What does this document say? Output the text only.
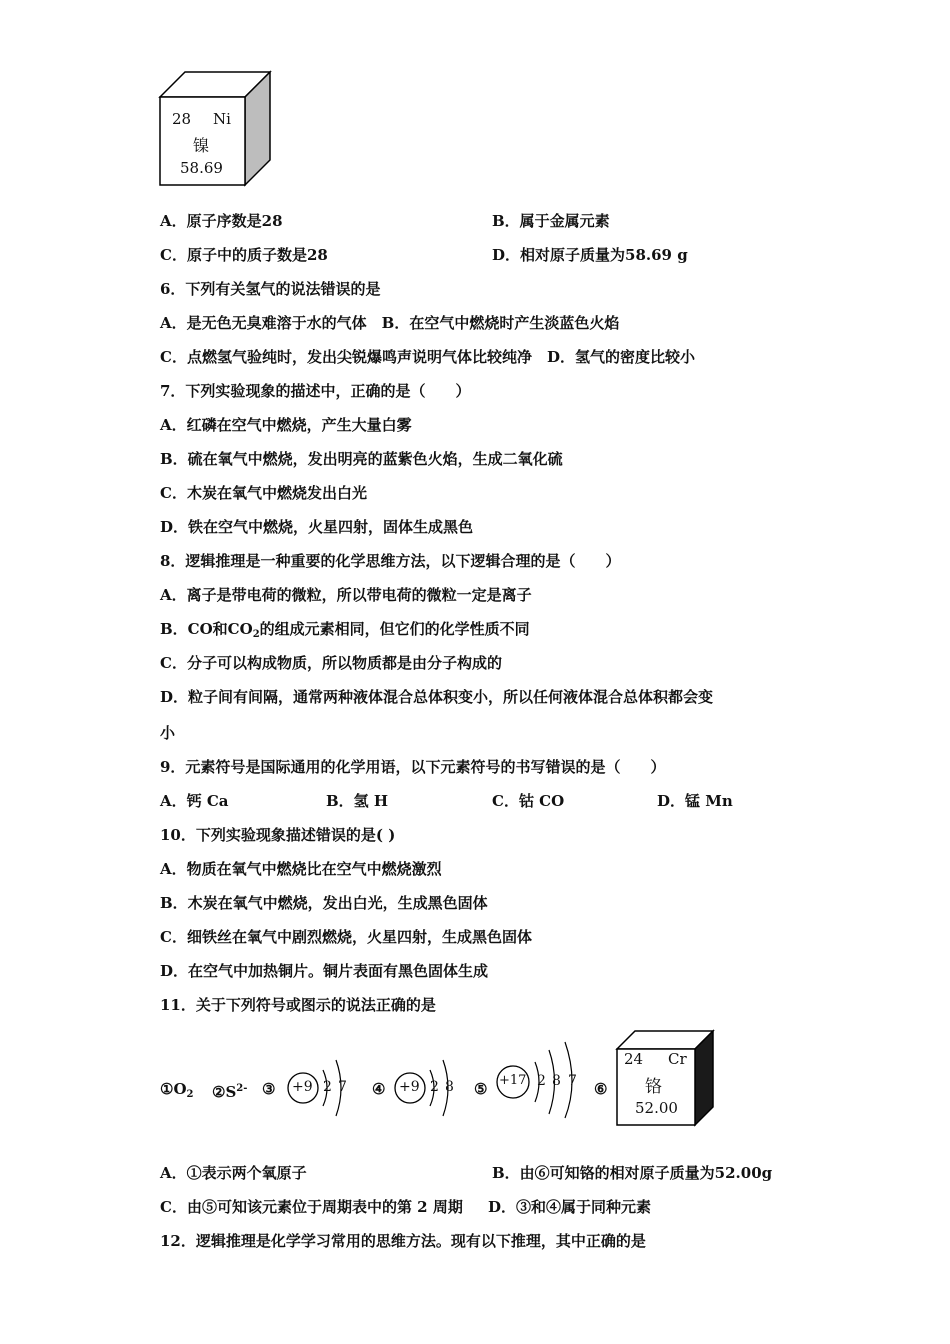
28 Ni
镍
58.69
A．原子序数是28	B．属于金属元素
C．原子中的质子数是28	D．相对原子质量为58.69 g
6．下列有关氢气的说法错误的是
A．是无色无臭难溶于水的气体　B．在空气中燃烧时产生淡蓝色火焰
C．点燃氢气验纯时，发出尖锐爆鸣声说明气体比较纯净　D．氢气的密度比较小
7．下列实验现象的描述中，正确的是（　　）
A．红磷在空气中燃烧，产生大量白雾
B．硫在氧气中燃烧，发出明亮的蓝紫色火焰，生成二氧化硫
C．木炭在氧气中燃烧发出白光
D．铁在空气中燃烧，火星四射，固体生成黑色
8．逻辑推理是一种重要的化学思维方法，以下逻辑合理的是（　　）
A．离子是带电荷的微粒，所以带电荷的微粒一定是离子
B．CO和$CO_2$的组成元素相同，但它们的化学性质不同
C．分子可以构成物质，所以物质都是由分子构成的
D．粒子间有间隔，通常两种液体混合总体积变小，所以任何液体混合总体积都会变
小
9．元素符号是国际通用的化学用语，以下元素符号的书写错误的是（　　）
A．钙 Ca	B．氢 H	C．钴 CO	D．锰 Mn
10．下列实验现象描述错误的是( )
A．物质在氧气中燃烧比在空气中燃烧激烈
B．木炭在氧气中燃烧，发出白光，生成黑色固体
C．细铁丝在氧气中剧烈燃烧，火星四射，生成黑色固体
D．在空气中加热铜片。铜片表面有黑色固体生成
11．关于下列符号或图示的说法正确的是
$①O_2$ $②S^{2-}$ ③	④	⑤	⑥
+9 2 7	+9 2 8	+17 2 8 7
24 Cr
铬
52.00
A．①表示两个氧原子	B．由⑥可知铬的相对原子质量为52.00g
C．由⑤可知该元素位于周期表中的第 2 周期 D．③和④属于同种元素
12．逻辑推理是化学学习常用的思维方法。现有以下推理，其中正确的是
